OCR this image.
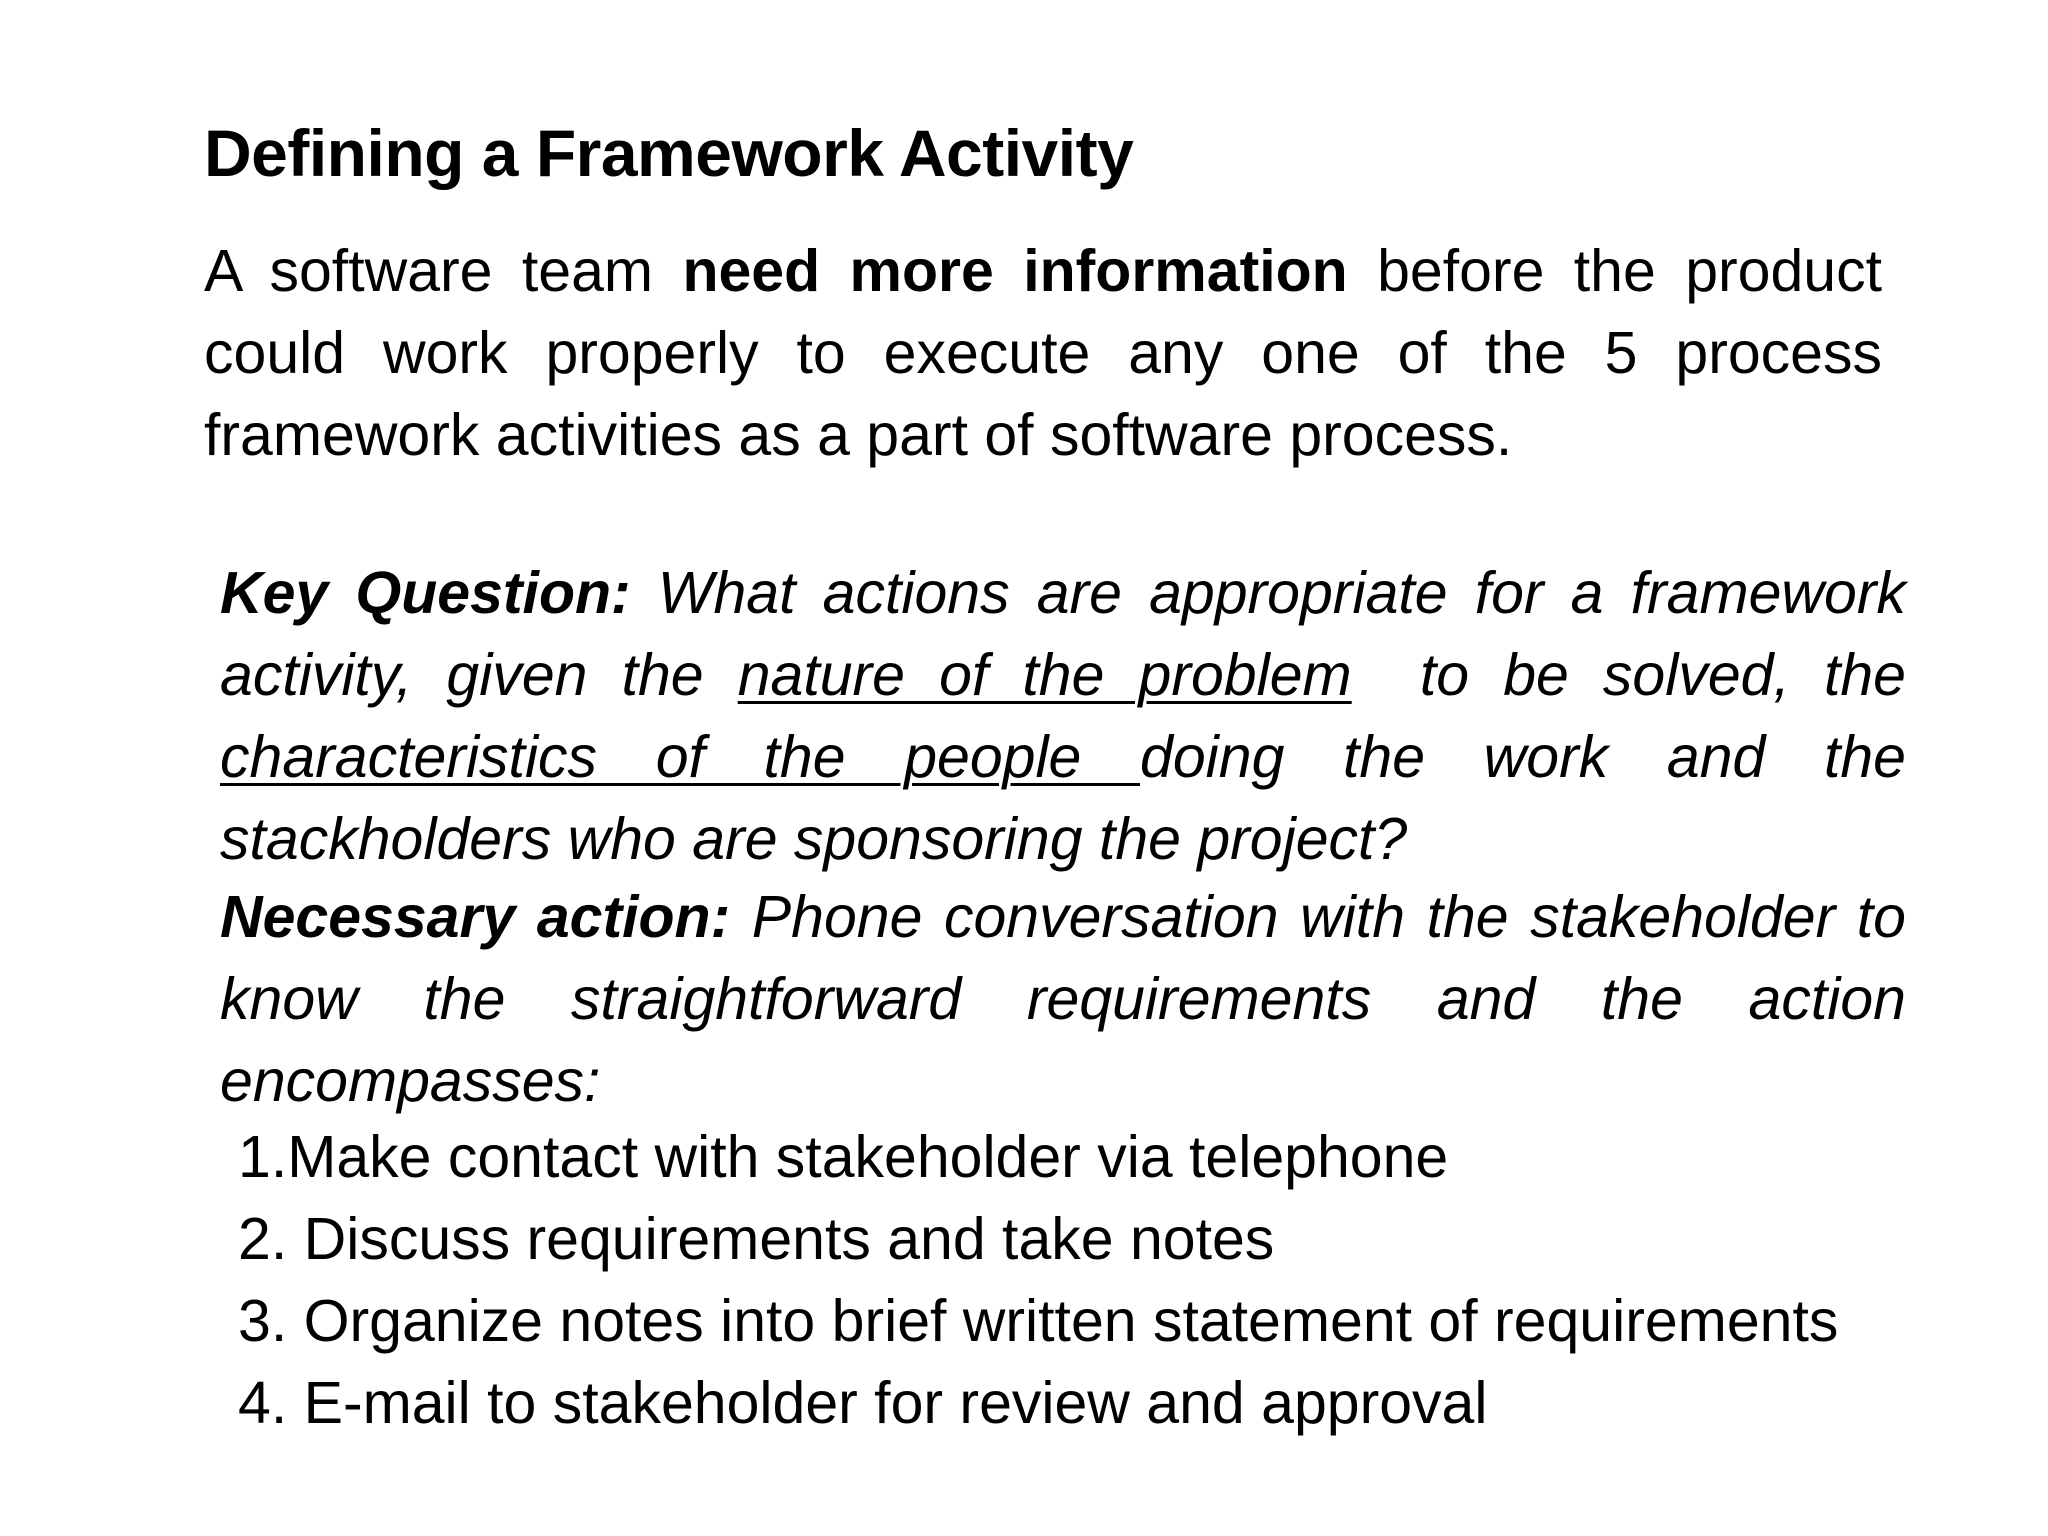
Defining a Framework Activity

A software team need more information before the product could work properly to execute any one of the 5 process framework activities as a part of software process.

Key Question: What actions are appropriate for a framework activity, given the nature of the problem  to be solved, the characteristics of the people doing the work and the stackholders who are sponsoring the project?

Necessary action: Phone conversation with the stakeholder to know the straightforward requirements and the action encompasses:

1.Make contact with stakeholder via telephone
2. Discuss requirements and take notes
3. Organize notes into brief written statement of requirements
4. E-mail to stakeholder for review and approval
